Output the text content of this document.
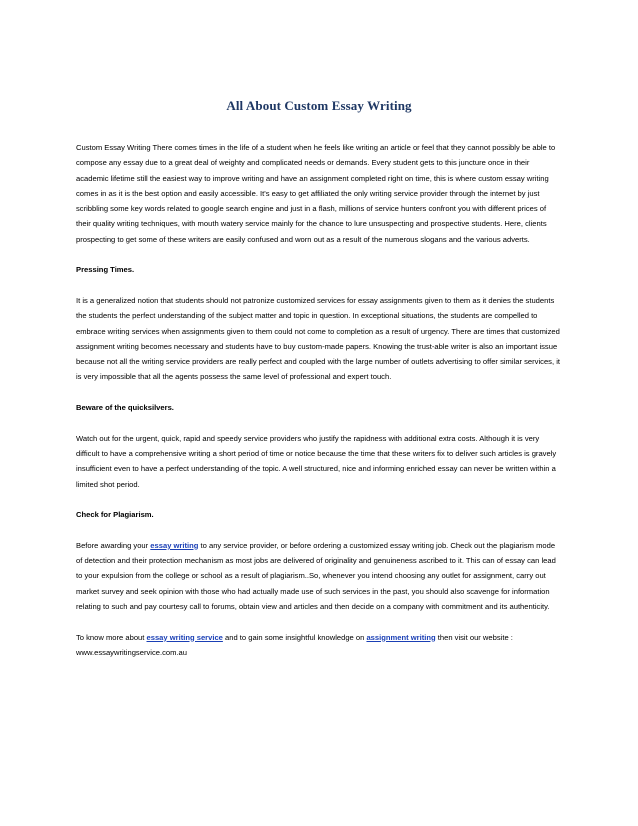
All About Custom Essay Writing

Custom Essay Writing There comes times in the life of a student when he feels like writing an article or feel that they cannot possibly be able to compose any essay due to a great deal of weighty and complicated needs or demands. Every student gets to this juncture once in their academic lifetime still the easiest way to improve writing and have an assignment completed right on time, this is where custom essay writing comes in as it is the best option and easily accessible. It's easy to get affiliated the only writing service provider through the internet by just scribbling some key words related to google search engine and just in a flash, millions of service hunters confront you with different prices of their quality writing techniques, with mouth watery service mainly for the chance to lure unsuspecting and prospective students. Here, clients prospecting to get some of these writers are easily confused and worn out as a result of the numerous slogans and the various adverts.

Pressing Times.

It is a generalized notion that students should not patronize customized services for essay assignments given to them as it denies the students the students the perfect understanding of the subject matter and topic in question. In exceptional situations, the students are compelled to embrace writing services when assignments given to them could not come to completion as a result of urgency. There are times that customized assignment writing becomes necessary and students have to buy custom-made papers. Knowing the trust-able writer is also an important issue because not all the writing service providers are really perfect and coupled with the large number of outlets advertising to offer similar services, it is very impossible that all the agents possess the same level of professional and expert touch.

Beware of the quicksilvers.

Watch out for the urgent, quick, rapid and speedy service providers who justify the rapidness with additional extra costs. Although it is very difficult to have a comprehensive writing a short period of time or notice because the time that these writers fix to deliver such articles is gravely insufficient even to have a perfect understanding of the topic. A well structured, nice and informing enriched essay can never be written within a limited shot period.

Check for Plagiarism.

Before awarding your essay writing to any service provider, or before ordering a customized essay writing job. Check out the plagiarism mode of detection and their protection mechanism as most jobs are delivered of originality and genuineness ascribed to it. This can of essay can lead to your expulsion from the college or school as a result of plagiarism..So, whenever you intend choosing any outlet for assignment, carry out market survey and seek opinion with those who had actually made use of such services in the past, you should also scavenge for information relating to such and pay courtesy call to forums, obtain view and articles and then decide on a company with commitment and its authenticity.

To know more about essay writing service and to gain some insightful knowledge on assignment writing then visit our website : www.essaywritingservice.com.au
